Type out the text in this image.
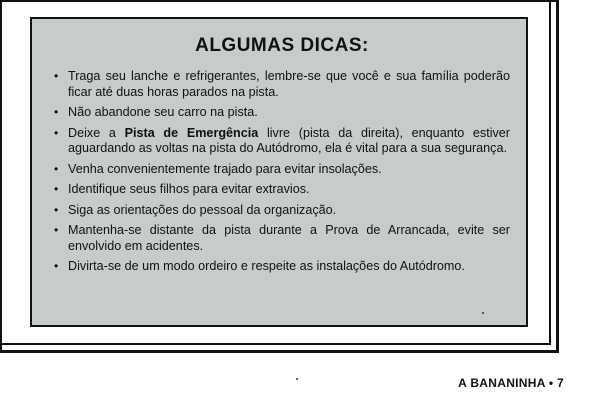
ALGUMAS DICAS:
• Traga seu lanche e refrigerantes, lembre-se que você e sua família poderão ficar até duas horas parados na pista.
• Não abandone seu carro na pista.
• Deixe a Pista de Emergência livre (pista da direita), enquanto estiver aguardando as voltas na pista do Autódromo, ela é vital para a sua segurança.
• Venha convenientemente trajado para evitar insolações.
• Identifique seus filhos para evitar extravios.
• Siga as orientações do pessoal da organização.
• Mantenha-se distante da pista durante a Prova de Arrancada, evite ser envolvido em acidentes.
• Divirta-se de um modo ordeiro e respeite as instalações do Autódromo.
A BANANINHA • 7
